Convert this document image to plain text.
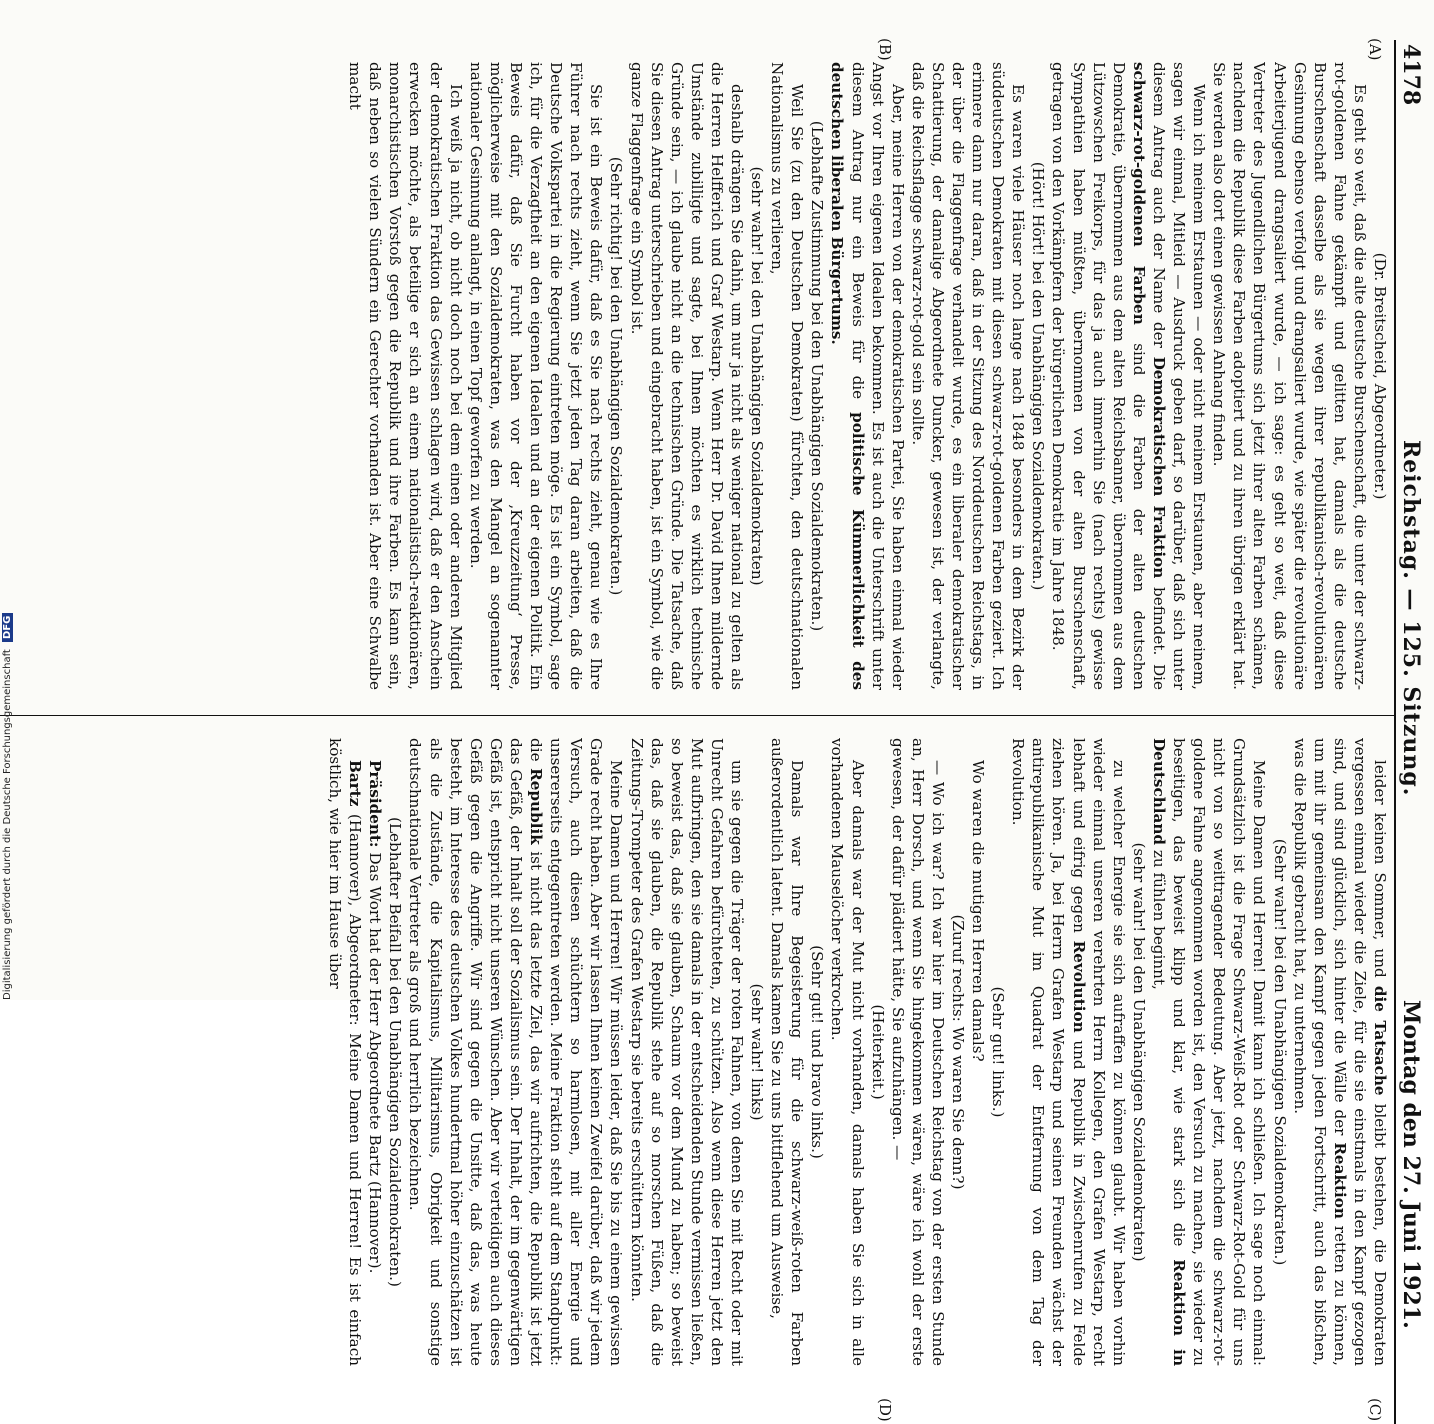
4178
Reichstag. — 125. Sitzung.
Montag den 27. Juni 1921.
(A)
(B)
(C)
(D)

(Dr. Breitscheid, Abgeordneter.)

Es geht so weit, daß die alte deutsche Burschenschaft, die unter der schwarz-rot-goldenen Fahne gekämpft und gelitten hat, damals als die deutsche Burschenschaft dasselbe als sie wegen ihrer republikanisch-revolutionären Gesinnung ebenso verfolgt und drangsaliert wurde, wie später die revolutionäre Arbeiterjugend drangsaliert wurde, — ich sage: es geht so weit, daß diese Vertreter des Jugendlichen Bürgertums sich jetzt ihrer alten Farben schämen, nachdem die Republik diese Farben adoptiert und zu ihren übrigen erklärt hat. Sie werden also dort einen gewissen Anhang finden.

Wenn ich meinem Erstaunen — oder nicht meinem Erstaunen, aber meinem, sagen wir einmal, Mitleid — Ausdruck geben darf, so darüber, daß sich unter diesem Antrag auch der Name der Demokratischen Fraktion befindet. Die schwarz-rot-goldenen Farben sind die Farben der alten deutschen Demokratie, übernommen aus dem alten Reichsbanner, übernommen aus dem Lützowschen Freikorps, für das ja auch immerhin Sie (nach rechts) gewisse Sympathien haben müßten, übernommen von der alten Burschenschaft, getragen von den Vorkämpfern der bürgerlichen Demokratie im Jahre 1848.

(Hört! Hört! bei den Unabhängigen Sozialdemokraten.)

Es waren viele Häuser noch lange nach 1848 besonders in dem Bezirk der süddeutschen Demokraten mit diesen schwarz-rot-goldenen Farben geziert. Ich erinnere dann nur daran, daß in der Sitzung des Norddeutschen Reichstags, in der über die Flaggenfrage verhandelt wurde, es ein liberaler demokratischer Schattierung, der damalige Abgeordnete Duncker, gewesen ist, der verlangte, daß die Reichsflagge schwarz-rot-gold sein sollte.

Aber, meine Herren von der demokratischen Partei, Sie haben einmal wieder Angst vor Ihren eigenen Idealen bekommen. Es ist auch die Unterschrift unter diesem Antrag nur ein Beweis für die politische Kümmerlichkeit des deutschen liberalen Bürgertums.

(Lebhafte Zustimmung bei den Unabhängigen Sozialdemokraten.)

Weil Sie (zu den Deutschen Demokraten) fürchten, den deutschnationalen Nationalismus zu verlieren,

(sehr wahr! bei den Unabhängigen Sozialdemokraten)

deshalb drängen Sie dahin, um nur ja nicht als weniger national zu gelten als die Herren Helfferich und Graf Westarp. Wenn Herr Dr. David Ihnen mildernde Umstände zubilligte und sagte, bei Ihnen möchten es wirklich technische Gründe sein, — ich glaube nicht an die technischen Gründe. Die Tatsache, daß Sie diesen Antrag unterschrieben und eingebracht haben, ist ein Symbol, wie die ganze Flaggenfrage ein Symbol ist.

(Sehr richtig! bei den Unabhängigen Sozialdemokraten.)

Sie ist ein Beweis dafür, daß es Sie nach rechts zieht, genau wie es Ihre Führer nach rechts zieht, wenn Sie jetzt jeden Tag daran arbeiten, daß die Deutsche Volkspartei in die Regierung eintreten möge. Es ist ein Symbol, sage ich, für die Verzagtheit an den eigenen Idealen und an der eigenen Politik. Ein Beweis dafür, daß Sie Furcht haben vor der ,Kreuzzeitung‘ Presse, möglicherweise mit den Sozialdemokraten, was den Mangel an sogenannter nationaler Gesinnung anlangt, in einen Topf geworfen zu werden.

Ich weiß ja nicht, ob nicht doch noch bei dem einen oder anderen Mitglied der demokratischen Fraktion das Gewissen schlagen wird, daß er den Anschein erwecken möchte, als beteilige er sich an einem nationalistisch-reaktionären, monarchistischen Vorstoß gegen die Republik und ihre Farben. Es kann sein, daß neben so vielen Sündern ein Gerechter vorhanden ist. Aber eine Schwalbe macht

leider keinen Sommer, und die Tatsache bleibt bestehen, die Demokraten vergessen einmal wieder die Ziele, für die sie einstmals in den Kampf gezogen sind, und sind glücklich, sich hinter die Wälle der Reaktion retten zu können, um mit ihr gemeinsam den Kampf gegen jeden Fortschritt, auch das bißchen, was die Republik gebracht hat, zu unternehmen.

(Sehr wahr! bei den Unabhängigen Sozialdemokraten.)

Meine Damen und Herren! Damit kann ich schließen. Ich sage noch einmal: Grundsätzlich ist die Frage Schwarz-Weiß-Rot oder Schwarz-Rot-Gold für uns nicht von so weittragender Bedeutung. Aber jetzt, nachdem die schwarz-rot-goldene Fahne angenommen worden ist, den Versuch zu machen, sie wieder zu beseitigen, das beweist klipp und klar, wie stark sich die Reaktion in Deutschland zu fühlen beginnt,

(sehr wahr! bei den Unabhängigen Sozialdemokraten)

zu welcher Energie sie sich aufraffen zu können glaubt. Wir haben vorhin wieder einmal unseren verehrten Herrn Kollegen, den Grafen Westarp, recht lebhaft und eifrig gegen Revolution und Republik in Zwischenrufen zu Felde ziehen hören. Ja, bei Herrn Grafen Westarp und seinen Freunden wächst der antirepublikanische Mut im Quadrat der Entfernung von dem Tag der Revolution.

(Sehr gut! links.)

Wo waren die mutigen Herren damals?

(Zuruf rechts: Wo waren Sie denn?)

— Wo ich war? Ich war hier im Deutschen Reichstag von der ersten Stunde an, Herr Dorsch, und wenn Sie hingekommen wären, wäre ich wohl der erste gewesen, der dafür plädiert hätte, Sie aufzuhängen. —

(Heiterkeit.)

Aber damals war der Mut nicht vorhanden, damals haben Sie sich in alle vorhandenen Mauselöcher verkrochen.

(Sehr gut! und bravo links.)

Damals war Ihre Begeisterung für die schwarz-weiß-roten Farben außerordentlich latent. Damals kamen Sie zu uns bittflehend um Ausweise,

(sehr wahr! links)

um sie gegen die Träger der roten Fahnen, von denen Sie mit Recht oder mit Unrecht Gefahren befürchteten, zu schützen. Also wenn diese Herren jetzt den Mut aufbringen, den sie damals in der entscheidenden Stunde vermissen ließen, so beweist das, daß sie glauben, Schaum vor dem Mund zu haben; so beweist das, daß sie glauben, die Republik stehe auf so morschen Füßen, daß die Zeitungs-Trompeter des Grafen Westarp sie bereits erschüttern könnten.

Meine Damen und Herren! Wir müssen leider, daß Sie bis zu einem gewissen Grade recht haben. Aber wir lassen Ihnen keinen Zweifel darüber, daß wir jedem Versuch, auch diesen schüchtern so harmlosen, mit aller Energie und unsererseits entgegentreten werden. Meine Fraktion steht auf dem Standpunkt: die Republik ist nicht das letzte Ziel, das wir aufrichten, die Republik ist jetzt das Gefäß, der Inhalt soll der Sozialismus sein. Der Inhalt, der im gegenwärtigen Gefäß ist, entspricht nicht unseren Wünschen. Aber wir verteidigen auch dieses Gefäß gegen die Angriffe. Wir sind gegen die Unsitte, daß das, was heute besteht, im Interesse des deutschen Volkes hundertmal höher einzuschätzen ist als die Zustände, die Kapitalismus, Militarismus, Obrigkeit und sonstige deutschnationale Vertreter als groß und herrlich bezeichnen.

(Lebhafter Beifall bei den Unabhängigen Sozialdemokraten.)

Präsident: Das Wort hat der Herr Abgeordnete Bartz (Hannover).

Bartz (Hannover), Abgeordneter: Meine Damen und Herren! Es ist einfach köstlich, wie hier im Hause über

Digitalisierung gefördert durch die Deutsche Forschungsgemeinschaft DFG
